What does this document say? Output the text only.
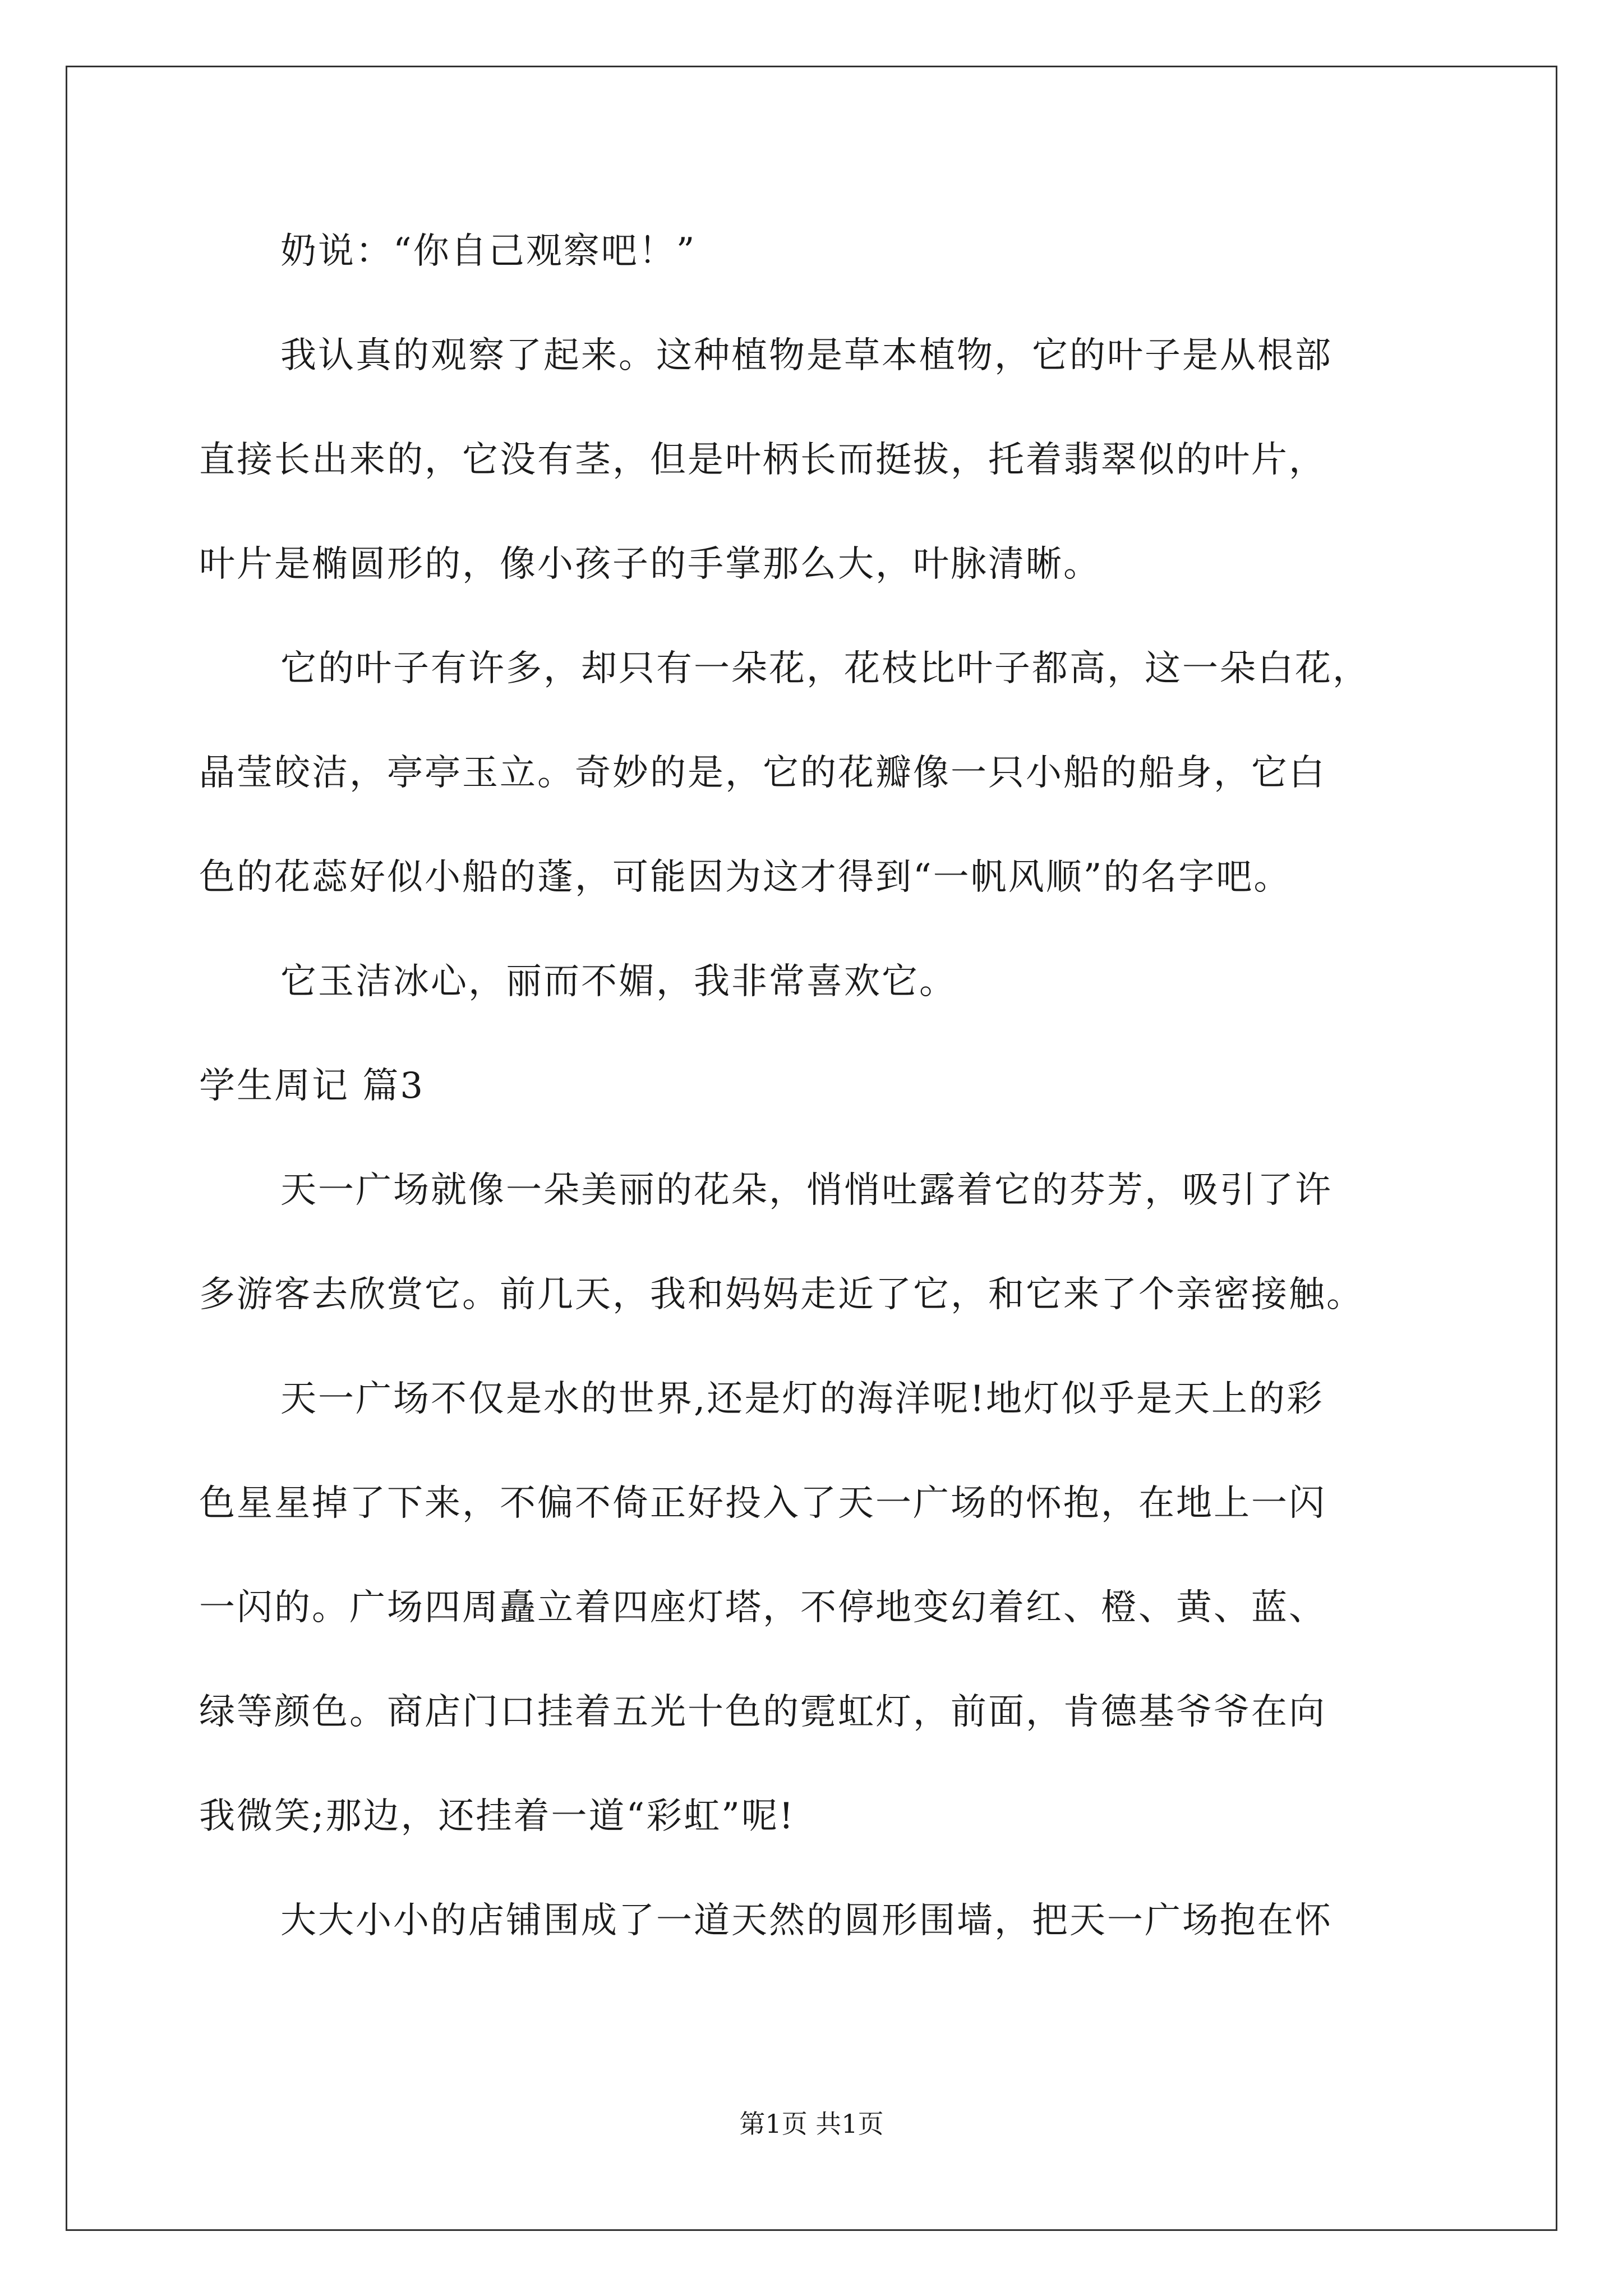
奶说：“你自己观察吧！”
我认真的观察了起来。这种植物是草本植物，它的叶子是从根部
直接长出来的，它没有茎，但是叶柄长而挺拔，托着翡翠似的叶片，
叶片是椭圆形的，像小孩子的手掌那么大，叶脉清晰。
它的叶子有许多，却只有一朵花，花枝比叶子都高，这一朵白花，
晶莹皎洁，亭亭玉立。奇妙的是，它的花瓣像一只小船的船身，它白
色的花蕊好似小船的蓬，可能因为这才得到“一帆风顺”的名字吧。
它玉洁冰心，丽而不媚，我非常喜欢它。
学生周记 篇3
天一广场就像一朵美丽的花朵，悄悄吐露着它的芬芳，吸引了许
多游客去欣赏它。前几天，我和妈妈走近了它，和它来了个亲密接触。
天一广场不仅是水的世界,还是灯的海洋呢!地灯似乎是天上的彩
色星星掉了下来，不偏不倚正好投入了天一广场的怀抱，在地上一闪
一闪的。广场四周矗立着四座灯塔，不停地变幻着红、橙、黄、蓝、
绿等颜色。商店门口挂着五光十色的霓虹灯，前面，肯德基爷爷在向
我微笑;那边，还挂着一道“彩虹”呢!
大大小小的店铺围成了一道天然的圆形围墙，把天一广场抱在怀
第1页 共1页
